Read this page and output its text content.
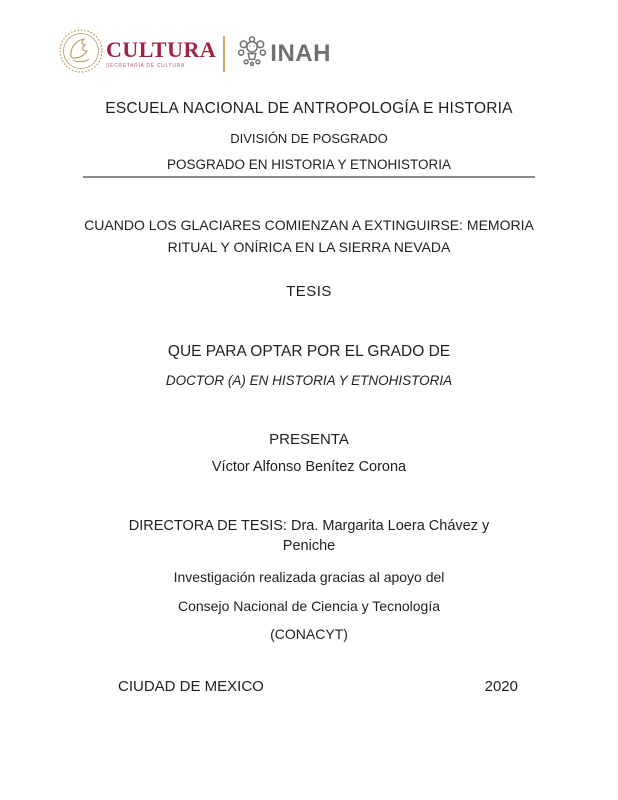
CULTURA
SECRETARÍA DE CULTURA	INAH
ESCUELA NACIONAL DE ANTROPOLOGÍA E HISTORIA
DIVISIÓN DE POSGRADO
POSGRADO EN HISTORIA Y ETNOHISTORIA
CUANDO LOS GLACIARES COMIENZAN A EXTINGUIRSE: MEMORIA
RITUAL Y ONÍRICA EN LA SIERRA NEVADA
TESIS
QUE PARA OPTAR POR EL GRADO DE
DOCTOR (A) EN HISTORIA Y ETNOHISTORIA
PRESENTA
Víctor Alfonso Benítez Corona
DIRECTORA DE TESIS: Dra. Margarita Loera Chávez y
Peniche
Investigación realizada gracias al apoyo del
Consejo Nacional de Ciencia y Tecnología
(CONACYT)
CIUDAD DE MEXICO	2020
